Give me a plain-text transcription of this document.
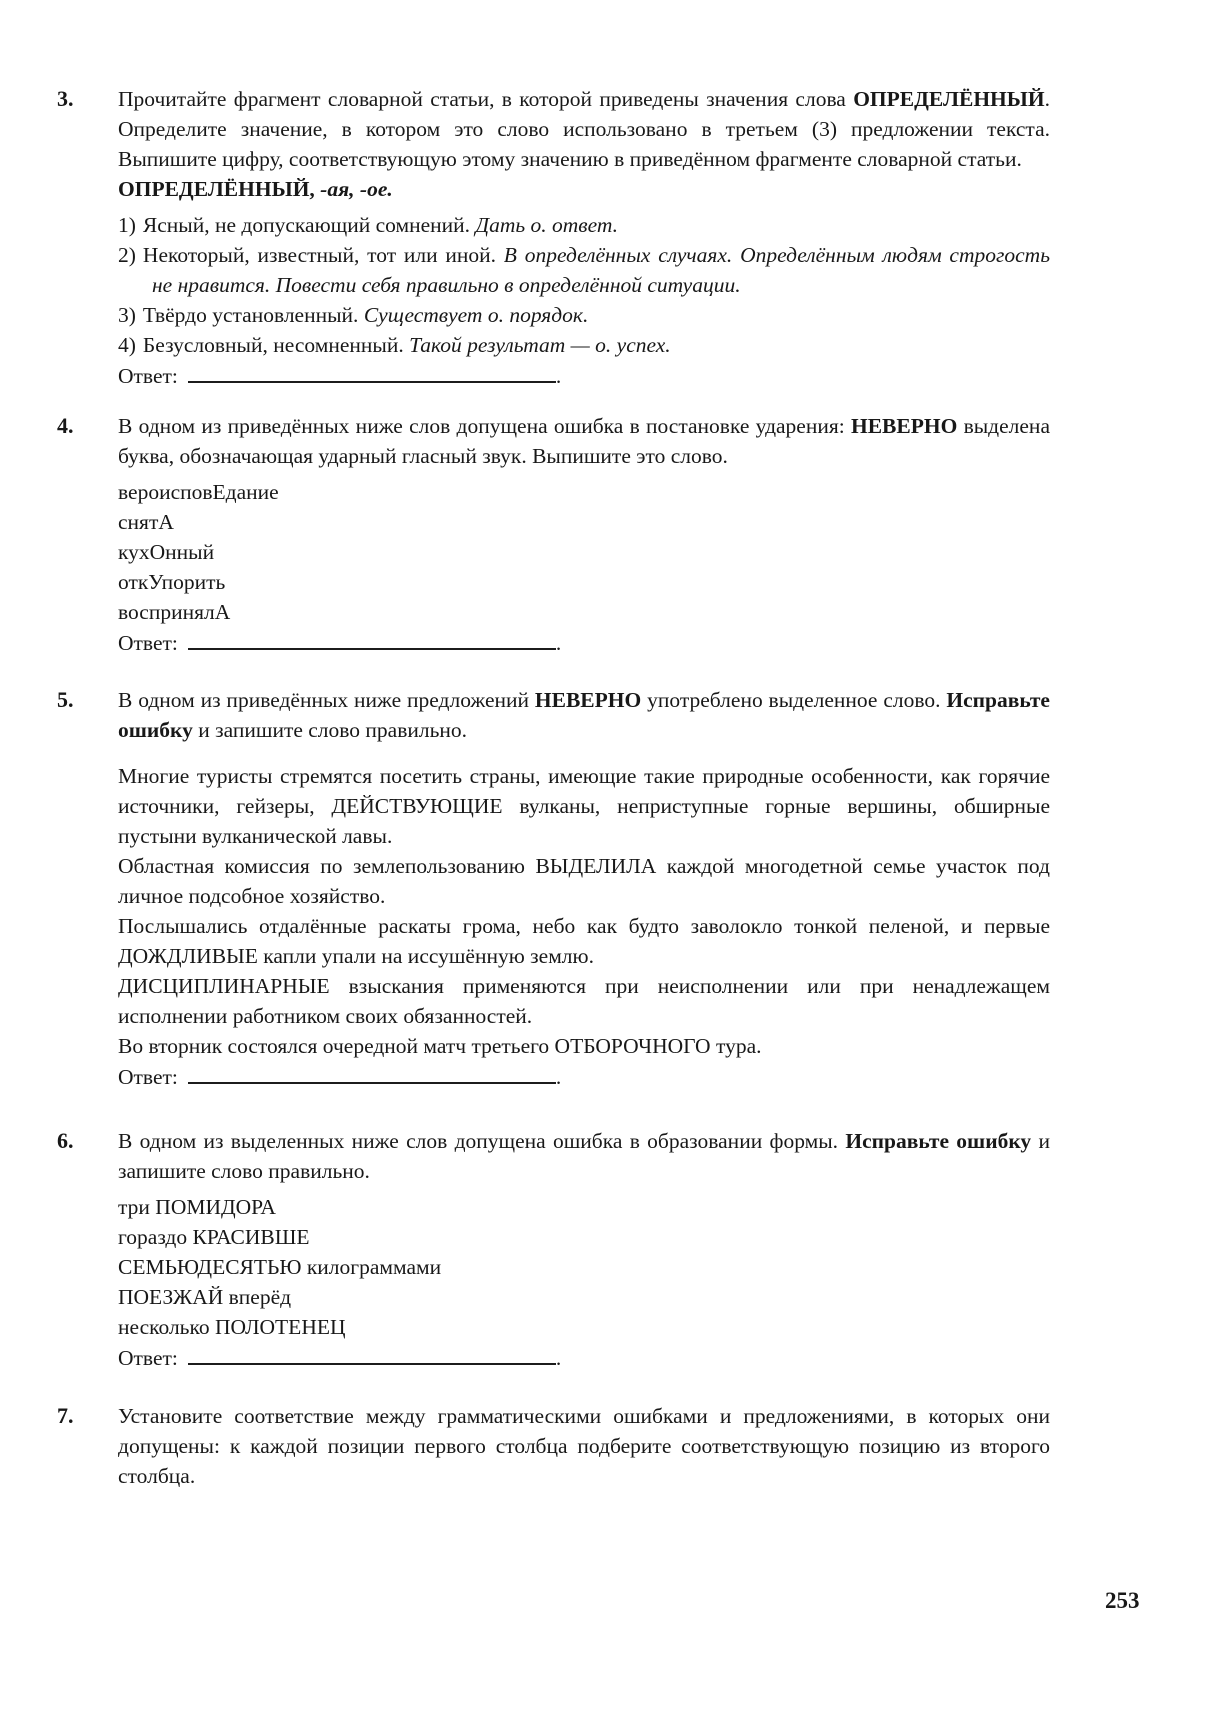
3.	Прочитайте фрагмент словарной статьи, в которой приведены значения слова ОПРЕДЕЛЁННЫЙ. Определите значение, в котором это слово использовано в третьем (3) предложении текста. Выпишите цифру, соответствующую этому значению в приведённом фрагменте словарной статьи.

ОПРЕДЕЛЁННЫЙ, -ая, -ое.

1) Ясный, не допускающий сомнений. Дать о. ответ.

2) Некоторый, известный, тот или иной. В определённых случаях. Определённым людям строгость не нравится. Повести себя правильно в определённой ситуации.

3) Твёрдо установленный. Существует о. порядок.

4) Безусловный, несомненный. Такой результат — о. успех.

Ответ:	.

4.	В одном из приведённых ниже слов допущена ошибка в постановке ударения: НЕВЕРНО выделена буква, обозначающая ударный гласный звук. Выпишите это слово.

вероисповЕдание

снятА

кухОнный

откУпорить

воспринялА

Ответ:	.

5.	В одном из приведённых ниже предложений НЕВЕРНО употреблено выделенное слово. Исправьте ошибку и запишите слово правильно.

Многие туристы стремятся посетить страны, имеющие такие природные особенности, как горячие источники, гейзеры, ДЕЙСТВУЮЩИЕ вулканы, неприступные горные вершины, обширные пустыни вулканической лавы.

Областная комиссия по землепользованию ВЫДЕЛИЛА каждой многодетной семье участок под личное подсобное хозяйство.

Послышались отдалённые раскаты грома, небо как будто заволокло тонкой пеленой, и первые ДОЖДЛИВЫЕ капли упали на иссушённую землю.

ДИСЦИПЛИНАРНЫЕ взыскания применяются при неисполнении или при ненадлежащем исполнении работником своих обязанностей.

Во вторник состоялся очередной матч третьего ОТБОРОЧНОГО тура.

Ответ:	.

6.	В одном из выделенных ниже слов допущена ошибка в образовании формы. Исправьте ошибку и запишите слово правильно.

три ПОМИДОРА

гораздо КРАСИВШЕ

СЕМЬЮДЕСЯТЬЮ килограммами

ПОЕЗЖАЙ вперёд

несколько ПОЛОТЕНЕЦ

Ответ:	.

7.	Установите соответствие между грамматическими ошибками и предложениями, в которых они допущены: к каждой позиции первого столбца подберите соответствующую позицию из второго столбца.

253
